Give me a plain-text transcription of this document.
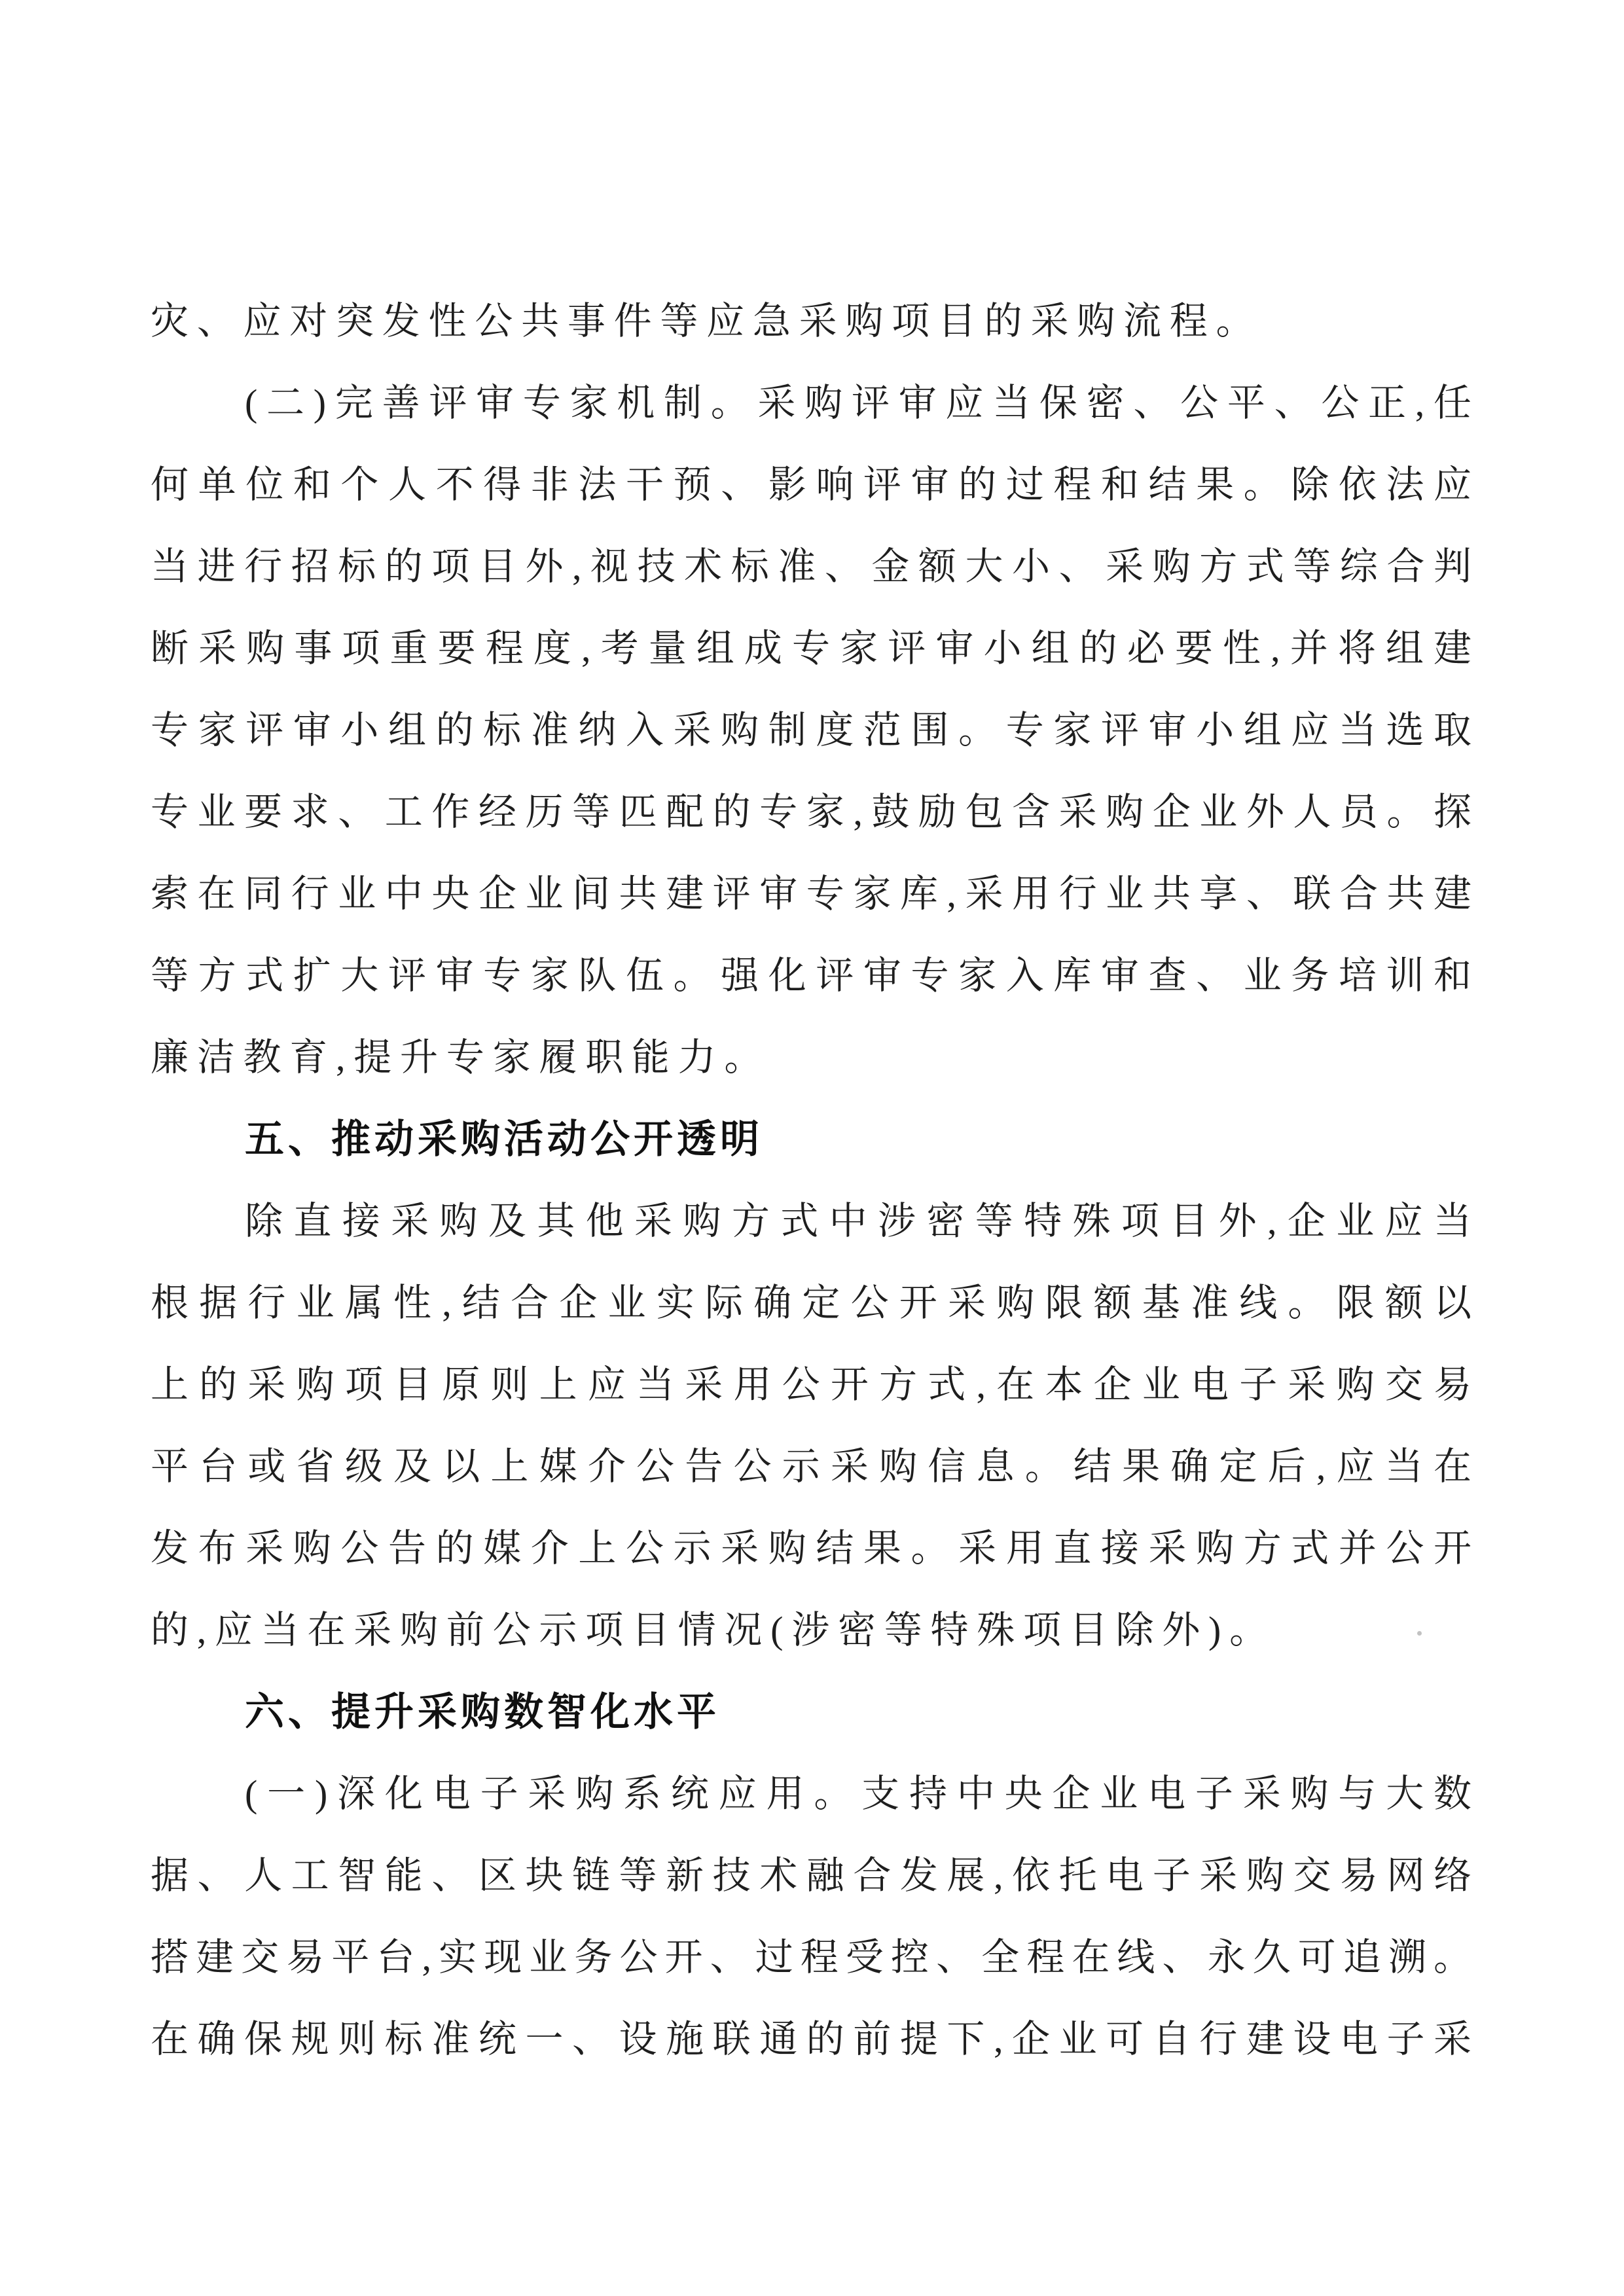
灾、应对突发性公共事件等应急采购项目的采购流程。

(二)完善评审专家机制。采购评审应当保密、公平、公正,任

何单位和个人不得非法干预、影响评审的过程和结果。除依法应

当进行招标的项目外,视技术标准、金额大小、采购方式等综合判

断采购事项重要程度,考量组成专家评审小组的必要性,并将组建

专家评审小组的标准纳入采购制度范围。专家评审小组应当选取

专业要求、工作经历等匹配的专家,鼓励包含采购企业外人员。探

索在同行业中央企业间共建评审专家库,采用行业共享、联合共建

等方式扩大评审专家队伍。强化评审专家入库审查、业务培训和

廉洁教育,提升专家履职能力。

五、推动采购活动公开透明

除直接采购及其他采购方式中涉密等特殊项目外,企业应当

根据行业属性,结合企业实际确定公开采购限额基准线。限额以

上的采购项目原则上应当采用公开方式,在本企业电子采购交易

平台或省级及以上媒介公告公示采购信息。结果确定后,应当在

发布采购公告的媒介上公示采购结果。采用直接采购方式并公开

的,应当在采购前公示项目情况(涉密等特殊项目除外)。

六、提升采购数智化水平

(一)深化电子采购系统应用。支持中央企业电子采购与大数

据、人工智能、区块链等新技术融合发展,依托电子采购交易网络

搭建交易平台,实现业务公开、过程受控、全程在线、永久可追溯。

在确保规则标准统一、设施联通的前提下,企业可自行建设电子采
